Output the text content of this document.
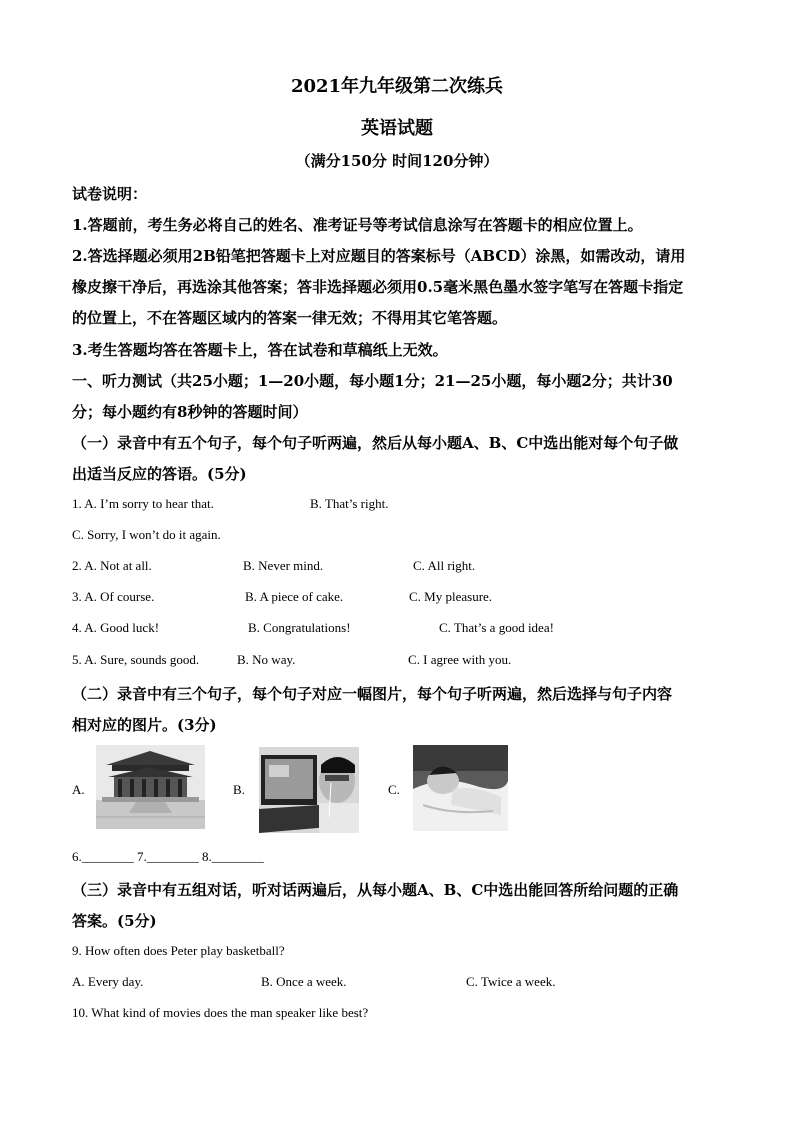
2021年九年级第二次练兵
英语试题
（满分150分 时间120分钟）
试卷说明：
1.答题前，考生务必将自己的姓名、准考证号等考试信息涂写在答题卡的相应位置上。
2.答选择题必须用2B铅笔把答题卡上对应题目的答案标号（ABCD）涂黑，如需改动，请用
橡皮擦干净后，再选涂其他答案；答非选择题必须用0.5毫米黑色墨水签字笔写在答题卡指定
的位置上，不在答题区域内的答案一律无效；不得用其它笔答题。
3.考生答题均答在答题卡上，答在试卷和草稿纸上无效。
一、听力测试（共25小题；1—20小题，每小题1分；21—25小题，每小题2分；共计30
分；每小题约有8秒钟的答题时间）
（一）录音中有五个句子，每个句子听两遍，然后从每小题A、B、C中选出能对每个句子做
出适当反应的答语。(5分)
1. A. I’m sorry to hear that.	B. That’s right.
C. Sorry, I won’t do it again.
2. A. Not at all.	B. Never mind.	C. All right.
3. A. Of course.	B. A piece of cake.	C. My pleasure.
4. A. Good luck!	B. Congratulations!	C. That’s a good idea!
5. A. Sure, sounds good.	B. No way.	C. I agree with you.
（二）录音中有三个句子，每个句子对应一幅图片，每个句子听两遍，然后选择与句子内容
相对应的图片。(3分)
A.	B.	C.
6.________ 7.________ 8.________
（三）录音中有五组对话，听对话两遍后，从每小题A、B、C中选出能回答所给问题的正确
答案。(5分)
9. How often does Peter play basketball?
A. Every day.	B. Once a week.	C. Twice a week.
10. What kind of movies does the man speaker like best?
